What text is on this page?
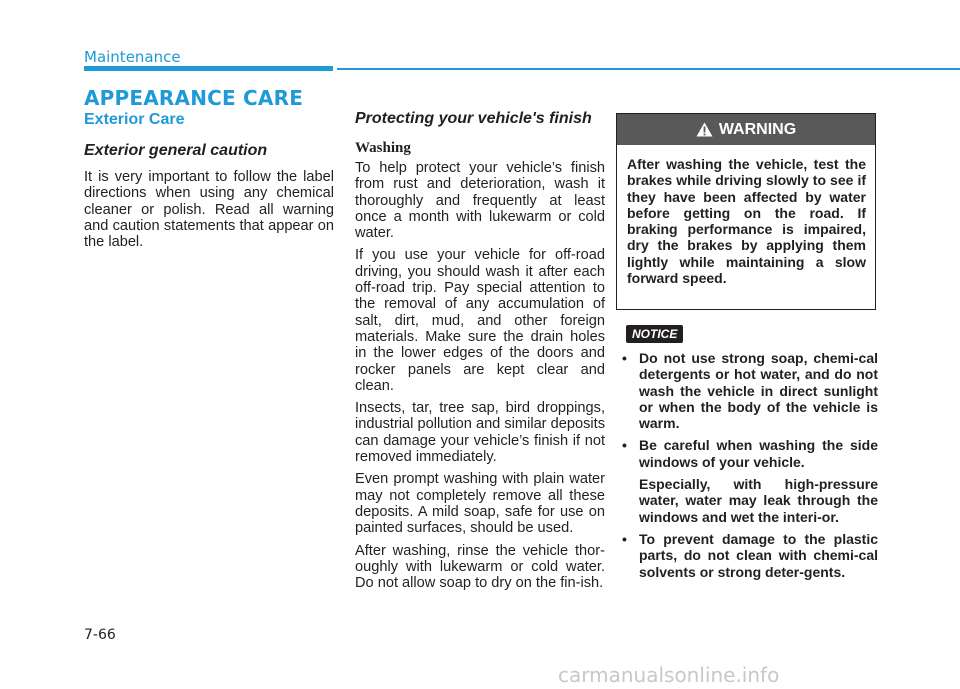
Maintenance
APPEARANCE CARE
Exterior Care
Exterior general caution

It is very important to follow the label directions when using any chemical cleaner or polish. Read all warning and caution statements that appear on the label.

Protecting your vehicle's finish
Washing

To help protect your vehicle’s finish from rust and deterioration, wash it thoroughly and frequently at least once a month with lukewarm or cold water.

If you use your vehicle for off-road driving, you should wash it after each off-road trip. Pay special attention to the removal of any accumulation of salt, dirt, mud, and other foreign materials. Make sure the drain holes in the lower edges of the doors and rocker panels are kept clear and clean.

Insects, tar, tree sap, bird droppings, industrial pollution and similar deposits can damage your vehicle’s finish if not removed immediately.

Even prompt washing with plain water may not completely remove all these deposits. A mild soap, safe for use on painted surfaces, should be used.

After washing, rinse the vehicle thor-oughly with lukewarm or cold water. Do not allow soap to dry on the fin-ish.

WARNING

After washing the vehicle, test the brakes while driving slowly to see if they have been affected by water before getting on the road. If braking performance is impaired, dry the brakes by applying them lightly while maintaining a slow forward speed.

NOTICE
• Do not use strong soap, chemi-cal detergents or hot water, and do not wash the vehicle in direct sunlight or when the body of the vehicle is warm.
• Be careful when washing the side windows of your vehicle.
Especially, with high-pressure water, water may leak through the windows and wet the interi-or.
• To prevent damage to the plastic parts, do not clean with chemi-cal solvents or strong deter-gents.
7-66
carmanualsonline.info
